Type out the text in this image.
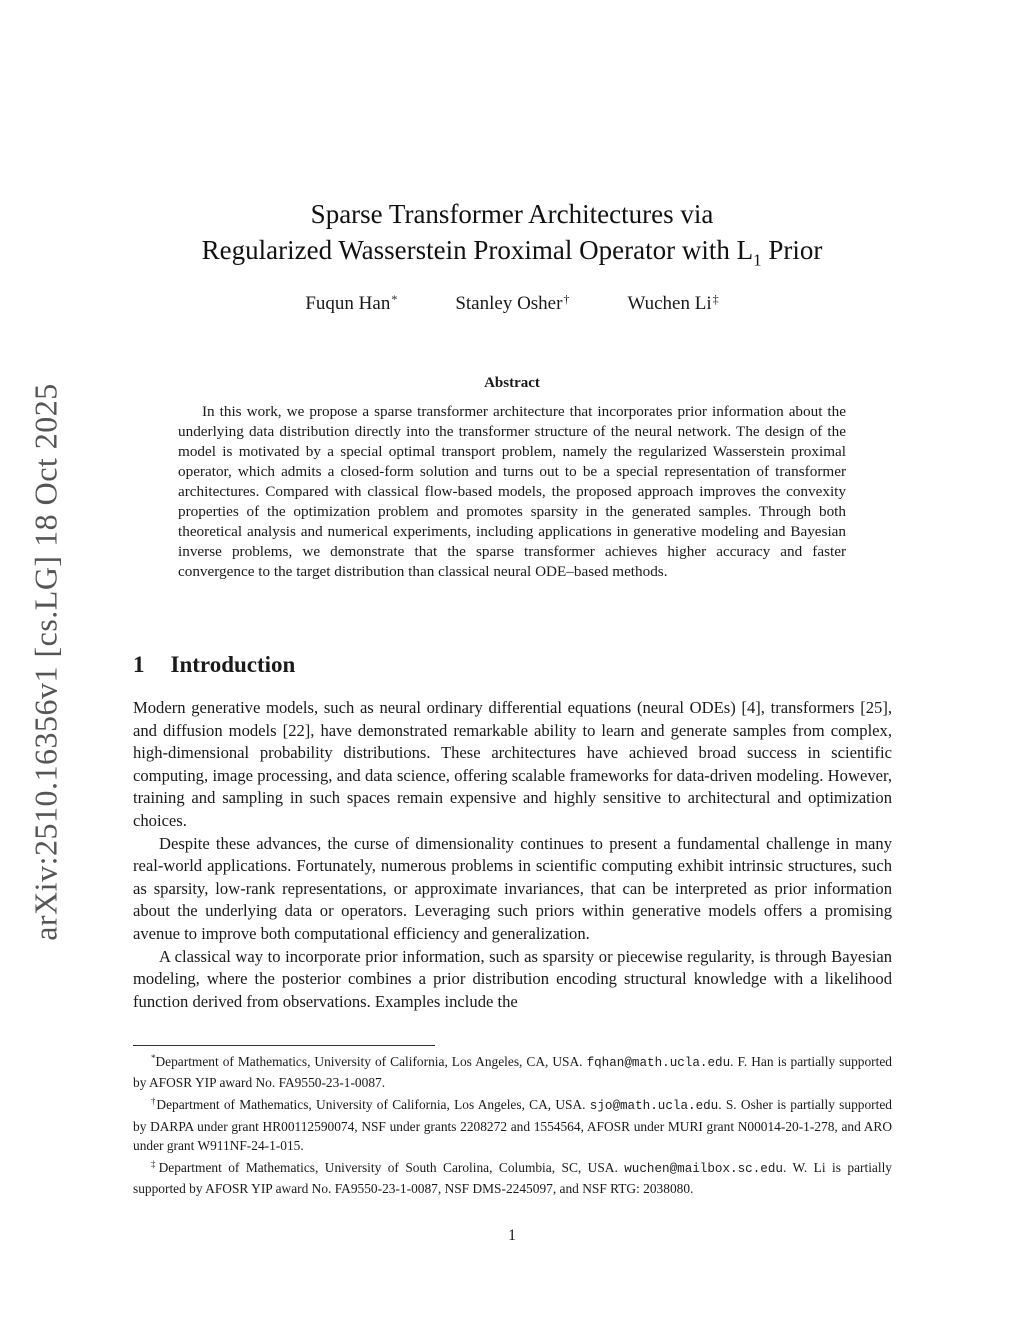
arXiv:2510.16356v1 [cs.LG] 18 Oct 2025
Sparse Transformer Architectures via
Regularized Wasserstein Proximal Operator with $L_1$ Prior
Fuqun Han*	Stanley Osher†	Wuchen Li‡
Abstract
In this work, we propose a sparse transformer architecture that incorporates prior information about the underlying data distribution directly into the transformer structure of the neural network. The design of the model is motivated by a special optimal transport problem, namely the regularized Wasserstein proximal operator, which admits a closed-form solution and turns out to be a special representation of transformer architectures. Compared with classical flow-based models, the proposed approach improves the convexity properties of the optimization problem and promotes sparsity in the generated samples. Through both theoretical analysis and numerical experiments, including applications in generative modeling and Bayesian inverse problems, we demonstrate that the sparse transformer achieves higher accuracy and faster convergence to the target distribution than classical neural ODE–based methods.
1 Introduction

Modern generative models, such as neural ordinary differential equations (neural ODEs) [4], transformers [25], and diffusion models [22], have demonstrated remarkable ability to learn and generate samples from complex, high-dimensional probability distributions. These architectures have achieved broad success in scientific computing, image processing, and data science, offering scalable frameworks for data-driven modeling. However, training and sampling in such spaces remain expensive and highly sensitive to architectural and optimization choices.

Despite these advances, the curse of dimensionality continues to present a fundamental challenge in many real-world applications. Fortunately, numerous problems in scientific computing exhibit intrinsic structures, such as sparsity, low-rank representations, or approximate invariances, that can be interpreted as prior information about the underlying data or operators. Leveraging such priors within generative models offers a promising avenue to improve both computational efficiency and generalization.

A classical way to incorporate prior information, such as sparsity or piecewise regularity, is through Bayesian modeling, where the posterior combines a prior distribution encoding structural knowledge with a likelihood function derived from observations. Examples include the

*Department of Mathematics, University of California, Los Angeles, CA, USA. fqhan@math.ucla.edu. F. Han is partially supported by AFOSR YIP award No. FA9550-23-1-0087.

†Department of Mathematics, University of California, Los Angeles, CA, USA. sjo@math.ucla.edu. S. Osher is partially supported by DARPA under grant HR00112590074, NSF under grants 2208272 and 1554564, AFOSR under MURI grant N00014-20-1-278, and ARO under grant W911NF-24-1-015.

‡Department of Mathematics, University of South Carolina, Columbia, SC, USA. wuchen@mailbox.sc.edu. W. Li is partially supported by AFOSR YIP award No. FA9550-23-1-0087, NSF DMS-2245097, and NSF RTG: 2038080.

1
